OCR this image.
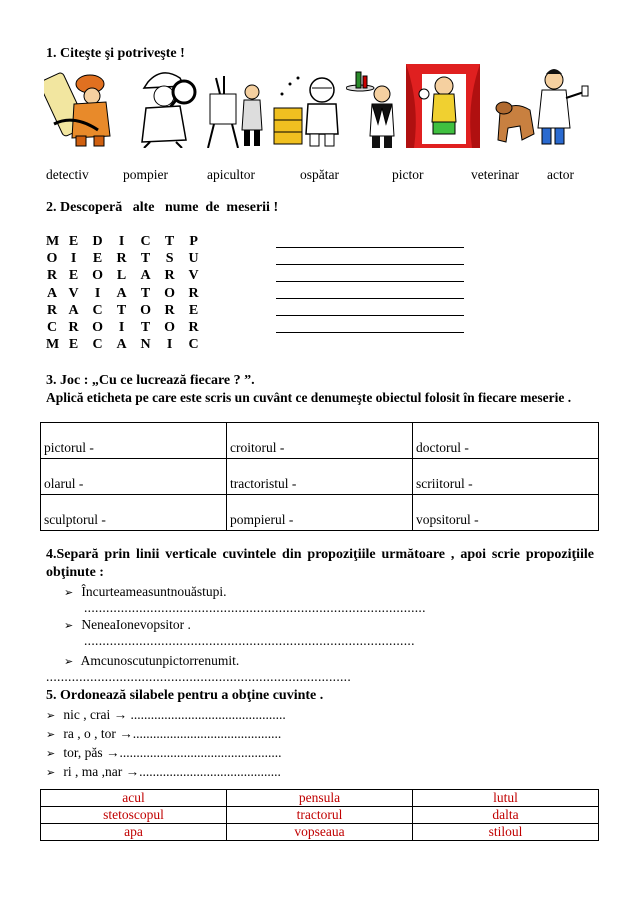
1. Citeşte şi potriveşte !
detectiv	pompier	apicultor	ospătar	pictor	veterinar actor
2. Descoperă   alte   nume  de  meserii !
M E D I C T P
O I E R T S U
R E O L A R V
A V I A T O R
R A C T O R E
C R O I T O R
M E C A N I C
3. Joc : „Cu ce lucrează fiecare ? ”.
Aplică eticheta pe care este scris un cuvânt ce denumeşte obiectul folosit în fiecare meserie .
pictorul -	croitorul -	doctorul -
olarul -	tractoristul -	scriitorul -
sculptorul -	pompierul -	vopsitorul -
4.Separă prin linii verticale cuvintele din propoziţiile următoare , apoi scrie propoziţiile obţinute :
➢ Încurteameasuntnouăstupi.
.............................................................................................
➢ NeneaIonevopsitor .
..........................................................................................
➢ Amcunoscutunpictorrenumit.
...................................................................................
5. Ordonează silabele pentru a obţine cuvinte .
➢ nic , crai → ..............................................
➢ ra , o , tor →............................................
➢ tor, păs →................................................
➢ ri , ma ,nar →..........................................
acul	pensula	lutul
stetoscopul	tractorul	dalta
apa	vopseaua	stiloul
